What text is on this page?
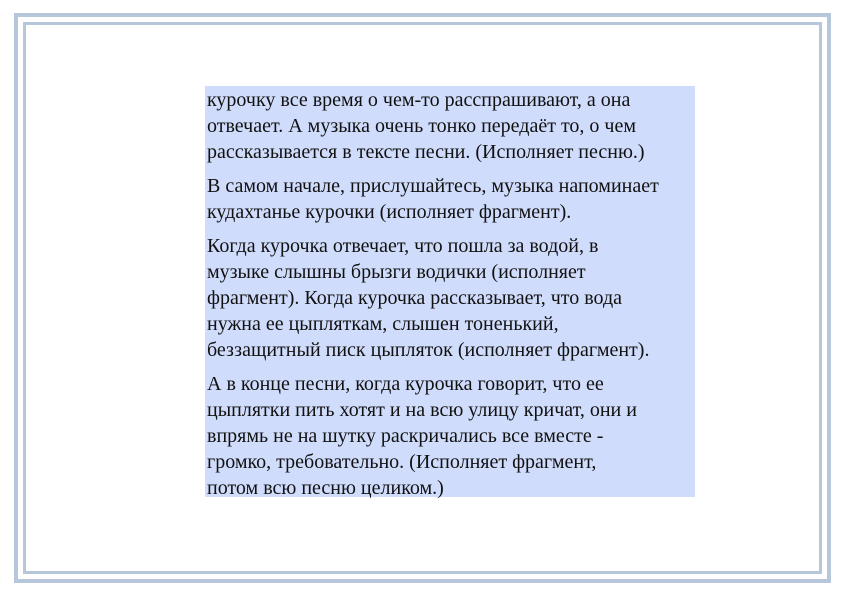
курочку все время о чем-то расспрашивают, а она
отвечает. А музыка очень тонко передаёт то, о чем
рассказывается в тексте песни. (Исполняет песню.)
В самом начале, прислушайтесь, музыка напоминает
кудахтанье курочки (исполняет фрагмент).
Когда курочка отвечает, что пошла за водой, в
музыке слышны брызги водички (исполняет
фрагмент). Когда курочка рассказывает, что вода
нужна ее цыпляткам, слышен тоненький,
беззащитный писк цыпляток (исполняет фрагмент).
А в конце песни, когда курочка говорит, что ее
цыплятки пить хотят и на всю улицу кричат, они и
впрямь не на шутку раскричались все вместе -
громко, требовательно. (Исполняет фрагмент,
потом всю песню целиком.)
